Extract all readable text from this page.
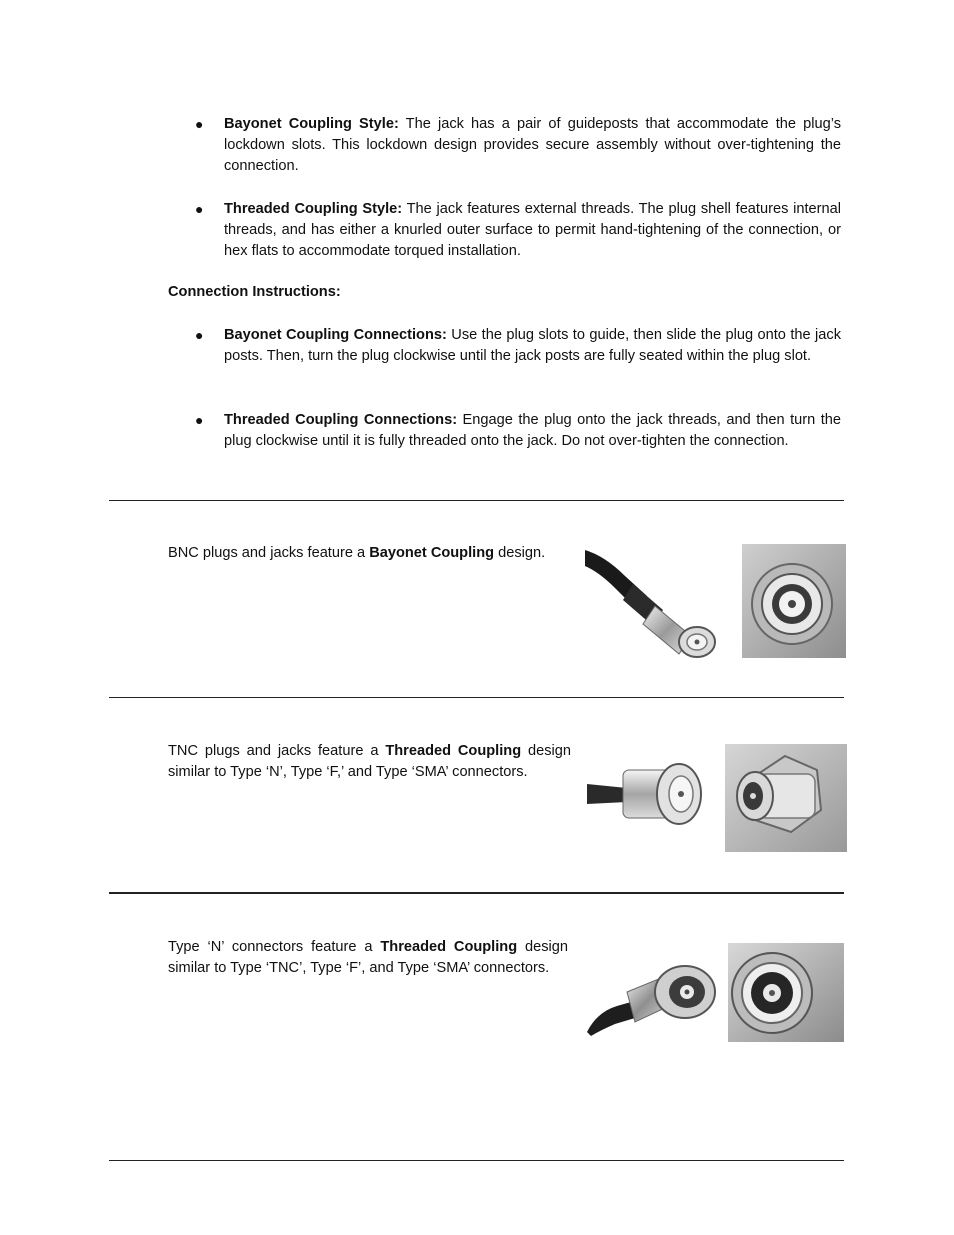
●	Bayonet Coupling Style: The jack has a pair of guideposts that accommodate the plug’s lockdown slots. This lockdown design provides secure assembly without over-tightening the connection.
●	Threaded Coupling Style: The jack features external threads. The plug shell features internal threads, and has either a knurled outer surface to permit hand-tightening of the connection, or hex flats to accommodate torqued installation.
Connection Instructions:
●	Bayonet Coupling Connections: Use the plug slots to guide, then slide the plug onto the jack posts. Then, turn the plug clockwise until the jack posts are fully seated within the plug slot.
●	Threaded Coupling Connections: Engage the plug onto the jack threads, and then turn the plug clockwise until it is fully threaded onto the jack. Do not over-tighten the connection.
BNC plugs and jacks feature a Bayonet Coupling design.
TNC plugs and jacks feature a Threaded Coupling design similar to Type ‘N’, Type ‘F,’ and Type ‘SMA’ connectors.
Type ‘N’ connectors feature a Threaded Coupling design similar to Type ‘TNC’, Type ‘F’, and Type ‘SMA’ connectors.
